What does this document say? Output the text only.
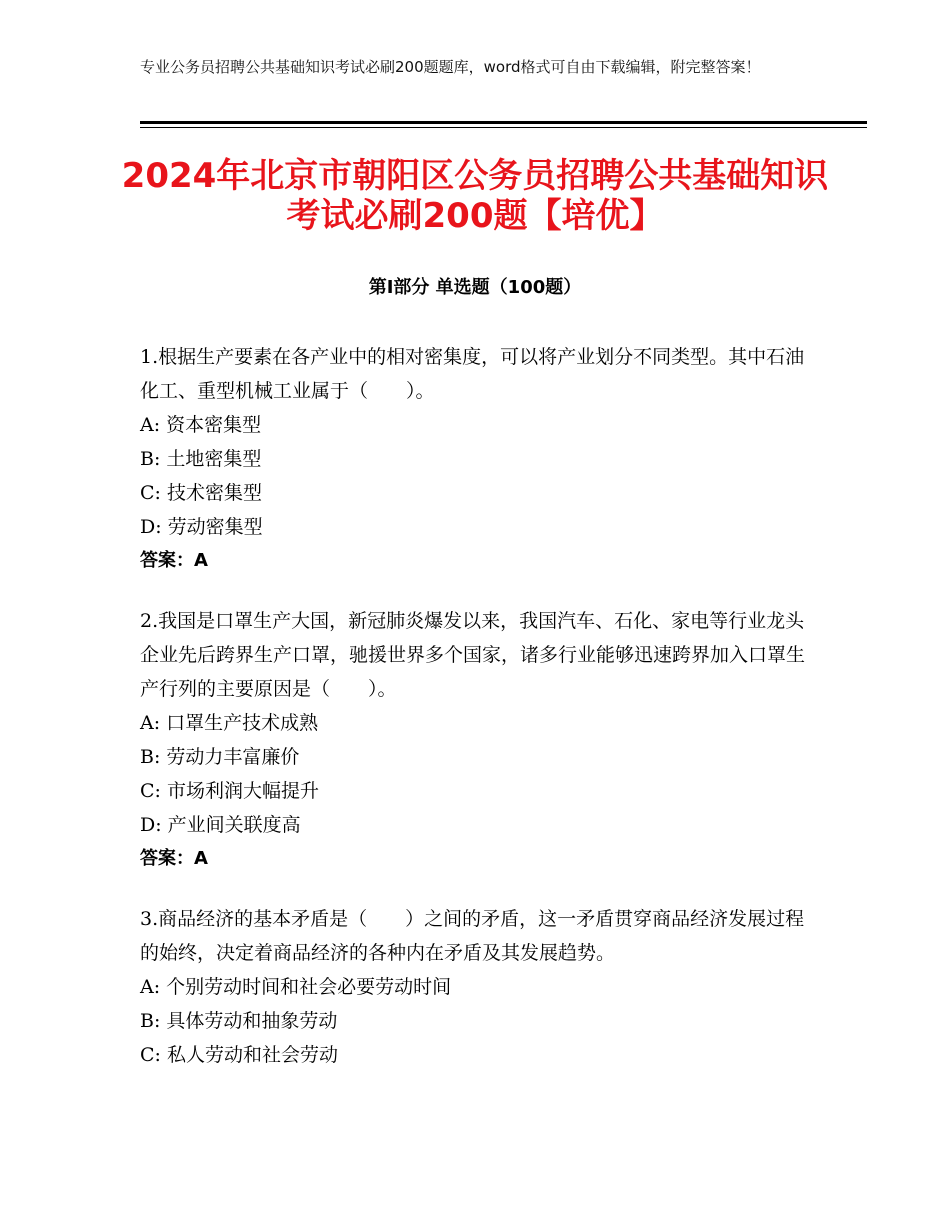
专业公务员招聘公共基础知识考试必刷200题题库，word格式可自由下载编辑，附完整答案！
2024年北京市朝阳区公务员招聘公共基础知识考试必刷200题【培优】
第Ⅰ部分 单选题（100题）
1.根据生产要素在各产业中的相对密集度，可以将产业划分不同类型。其中石油化工、重型机械工业属于（　　）。
A: 资本密集型
B: 土地密集型
C: 技术密集型
D: 劳动密集型
答案：A
2.我国是口罩生产大国，新冠肺炎爆发以来，我国汽车、石化、家电等行业龙头企业先后跨界生产口罩，驰援世界多个国家，诸多行业能够迅速跨界加入口罩生产行列的主要原因是（　　）。
A: 口罩生产技术成熟
B: 劳动力丰富廉价
C: 市场利润大幅提升
D: 产业间关联度高
答案：A
3.商品经济的基本矛盾是（　　）之间的矛盾，这一矛盾贯穿商品经济发展过程的始终，决定着商品经济的各种内在矛盾及其发展趋势。
A: 个别劳动时间和社会必要劳动时间
B: 具体劳动和抽象劳动
C: 私人劳动和社会劳动
